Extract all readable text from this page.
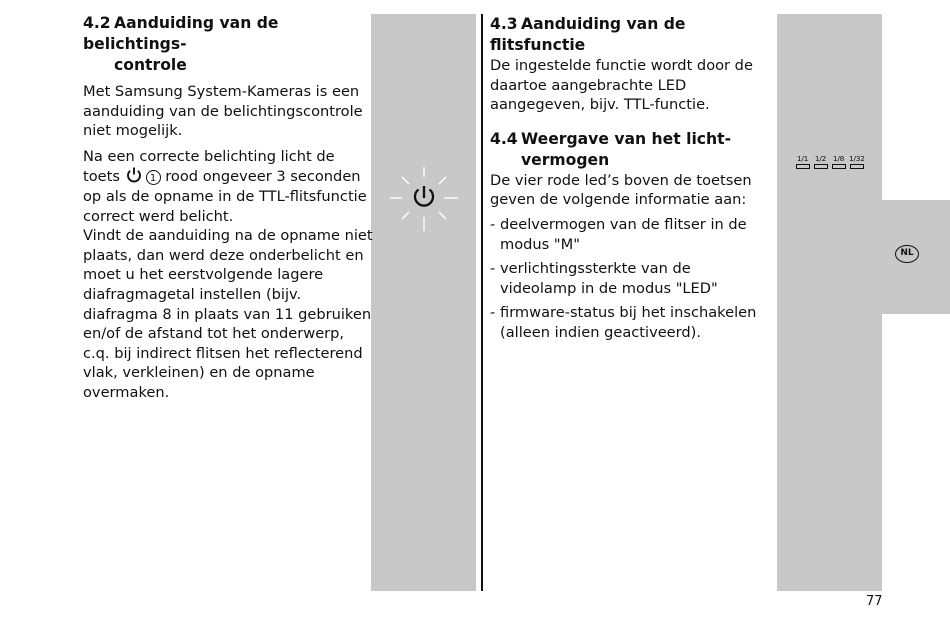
4.2 Aanduiding van de belichtings-
controle

Met Samsung System-Kameras is een aanduiding van de belichtingscontrole niet mogelijk.

Na een correcte belichting licht de toets	1 rood ongeveer 3 seconden op als de opname in de TTL-flitsfunctie correct werd belicht.

Vindt de aanduiding na de opname niet plaats, dan werd deze onderbelicht en moet u het eerstvolgende lagere diafragmagetal instellen (bijv. diafragma 8 in plaats van 11 gebruiken en/of de afstand tot het onderwerp, c.q. bij indirect flitsen het reflecterend vlak, verkleinen) en de opname overmaken.

4.3 Aanduiding van de flitsfunctie

De ingestelde functie wordt door de daartoe aangebrachte LED aangegeven, bijv. TTL-functie.

4.4 Weergave van het licht-
vermogen

De vier rode led’s boven de toetsen geven de volgende informatie aan:

- deelvermogen van de flitser in de modus "M"
- verlichtingssterkte van de videolamp in de modus "LED"
- firmware-status bij het inschakelen (alleen indien geactiveerd).
1/1 1/2 1/8 1/32
NL
77
